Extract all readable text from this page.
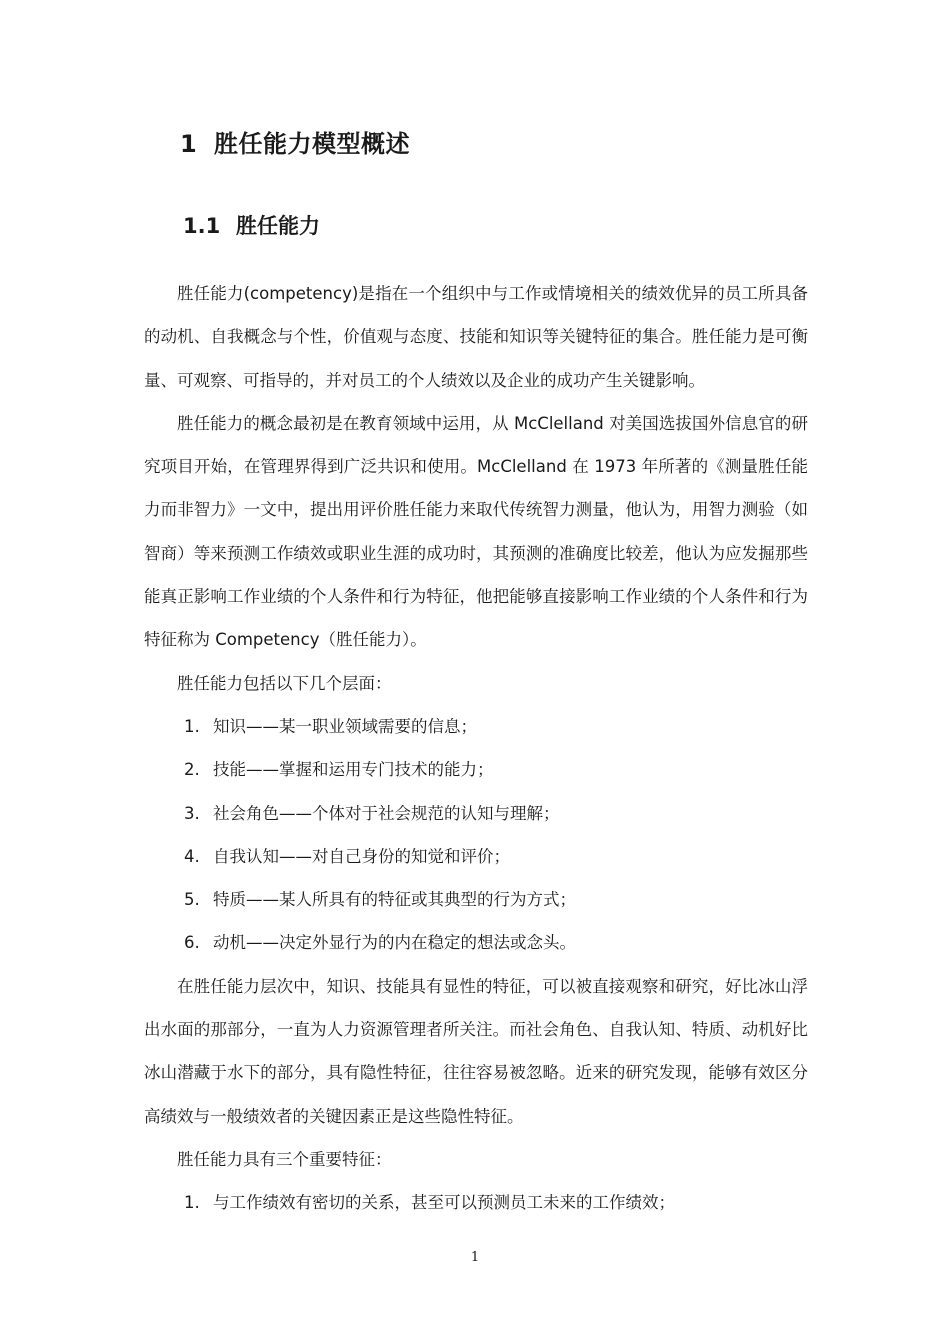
1 胜任能力模型概述
1.1 胜任能力

胜任能力(competency)是指在一个组织中与工作或情境相关的绩效优异的员工所具备的动机、自我概念与个性，价值观与态度、技能和知识等关键特征的集合。胜任能力是可衡量、可观察、可指导的，并对员工的个人绩效以及企业的成功产生关键影响。

胜任能力的概念最初是在教育领域中运用，从 McClelland 对美国选拔国外信息官的研究项目开始，在管理界得到广泛共识和使用。McClelland 在 1973 年所著的《测量胜任能力而非智力》一文中，提出用评价胜任能力来取代传统智力测量，他认为，用智力测验（如智商）等来预测工作绩效或职业生涯的成功时，其预测的准确度比较差，他认为应发掘那些能真正影响工作业绩的个人条件和行为特征，他把能够直接影响工作业绩的个人条件和行为特征称为 Competency（胜任能力）。

胜任能力包括以下几个层面：

1. 知识——某一职业领域需要的信息；
2. 技能——掌握和运用专门技术的能力；
3. 社会角色——个体对于社会规范的认知与理解；
4. 自我认知——对自己身份的知觉和评价；
5. 特质——某人所具有的特征或其典型的行为方式；
6. 动机——决定外显行为的内在稳定的想法或念头。

在胜任能力层次中，知识、技能具有显性的特征，可以被直接观察和研究，好比冰山浮出水面的那部分，一直为人力资源管理者所关注。而社会角色、自我认知、特质、动机好比冰山潜藏于水下的部分，具有隐性特征，往往容易被忽略。近来的研究发现，能够有效区分高绩效与一般绩效者的关键因素正是这些隐性特征。

胜任能力具有三个重要特征：

1. 与工作绩效有密切的关系，甚至可以预测员工未来的工作绩效；
1
